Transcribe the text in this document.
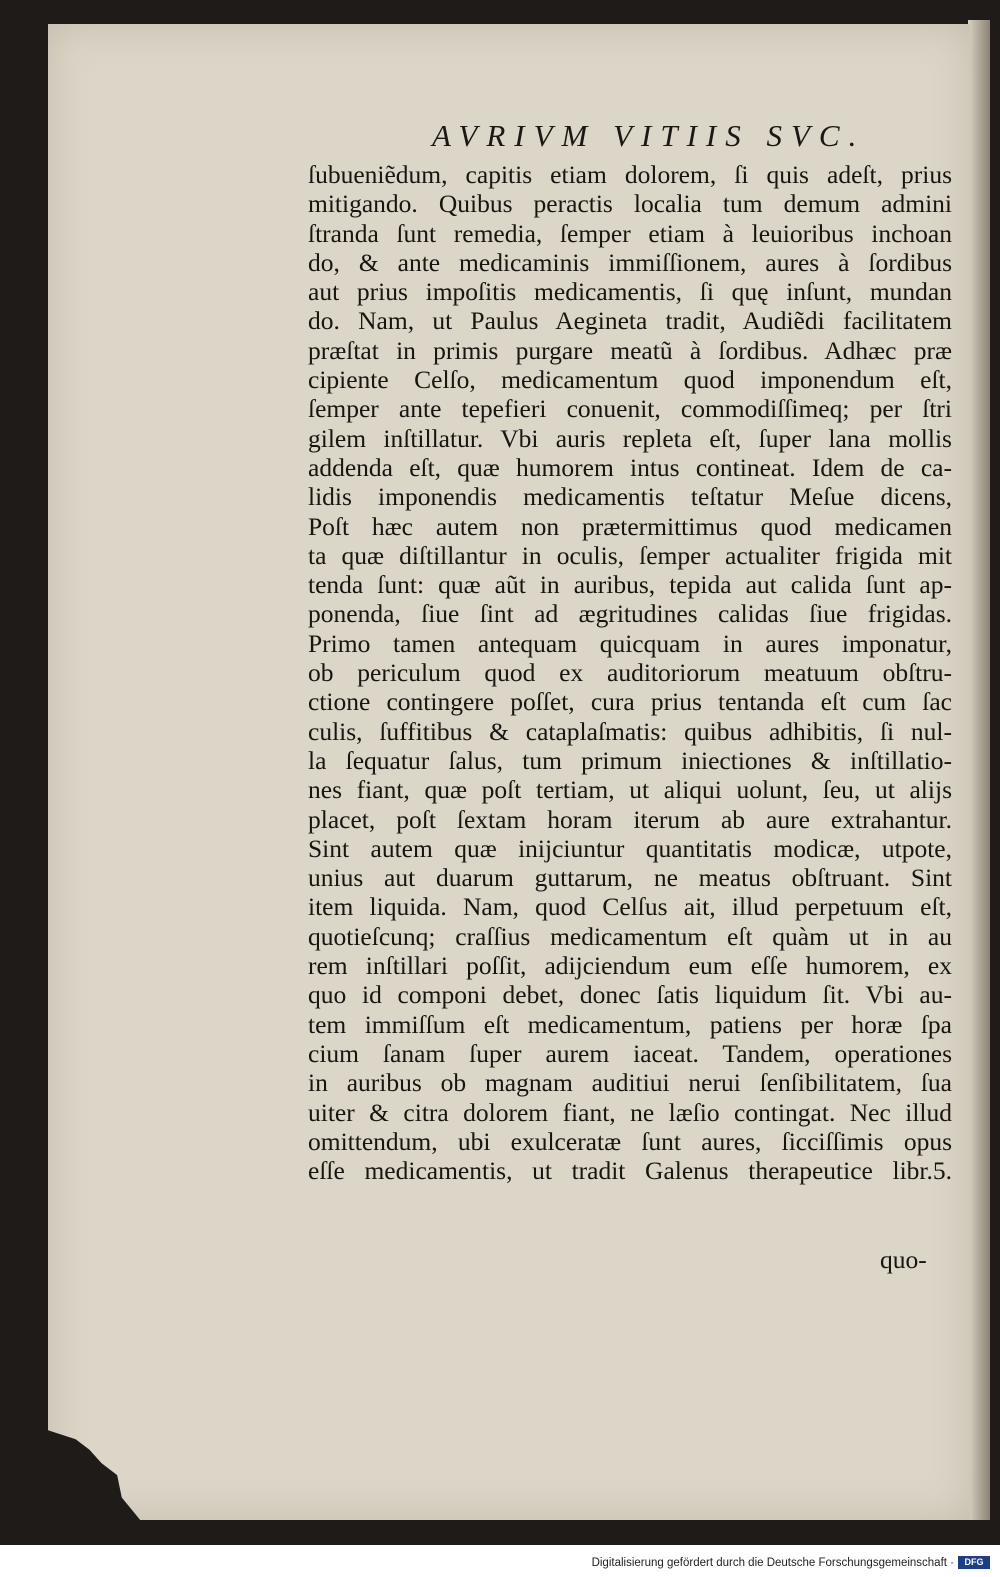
AVRIVM VITIIS SVC.
ſubueniẽdum, capitis etiam dolorem, ſi quis adeſt, prius
mitigando. Quibus peractis localia tum demum admini
ſtranda ſunt remedia, ſemper etiam à leuioribus inchoan
do, & ante medicaminis immiſſionem, aures à ſordibus
aut prius impoſitis medicamentis, ſi quę inſunt, mundan
do. Nam, ut Paulus Aegineta tradit, Audiẽdi facilitatem
præſtat in primis purgare meatũ à ſordibus. Adhæc præ
cipiente Celſo, medicamentum quod imponendum eſt,
ſemper ante tepefieri conuenit, commodiſſimeq; per ſtri
gilem inſtillatur. Vbi auris repleta eſt, ſuper lana mollis
addenda eſt, quæ humorem intus contineat. Idem de ca-
lidis imponendis medicamentis teſtatur Meſue dicens,
Poſt hæc autem non prætermittimus quod medicamen
ta quæ diſtillantur in oculis, ſemper actualiter frigida mit
tenda ſunt: quæ aũt in auribus, tepida aut calida ſunt ap-
ponenda, ſiue ſint ad ægritudines calidas ſiue frigidas.
Primo tamen antequam quicquam in aures imponatur,
ob periculum quod ex auditoriorum meatuum obſtru-
ctione contingere poſſet, cura prius tentanda eſt cum ſac
culis, ſuffitibus & cataplaſmatis: quibus adhibitis, ſi nul-
la ſequatur ſalus, tum primum iniectiones & inſtillatio-
nes fiant, quæ poſt tertiam, ut aliqui uolunt, ſeu, ut alijs
placet, poſt ſextam horam iterum ab aure extrahantur.
Sint autem quæ inijciuntur quantitatis modicæ, utpote,
unius aut duarum guttarum, ne meatus obſtruant. Sint
item liquida. Nam, quod Celſus ait, illud perpetuum eſt,
quotieſcunq; craſſius medicamentum eſt quàm ut in au
rem inſtillari poſſit, adijciendum eum eſſe humorem, ex
quo id componi debet, donec ſatis liquidum ſit. Vbi au-
tem immiſſum eſt medicamentum, patiens per horæ ſpa
cium ſanam ſuper aurem iaceat. Tandem, operationes
in auribus ob magnam auditiui nerui ſenſibilitatem, ſua
uiter & citra dolorem fiant, ne læſio contingat. Nec illud
omittendum, ubi exulceratæ ſunt aures, ſicciſſimis opus
eſſe medicamentis, ut tradit Galenus therapeutice libr.5.
quo-
Digitalisierung gefördert durch die Deutsche Forschungsgemeinschaft ·	DFG
